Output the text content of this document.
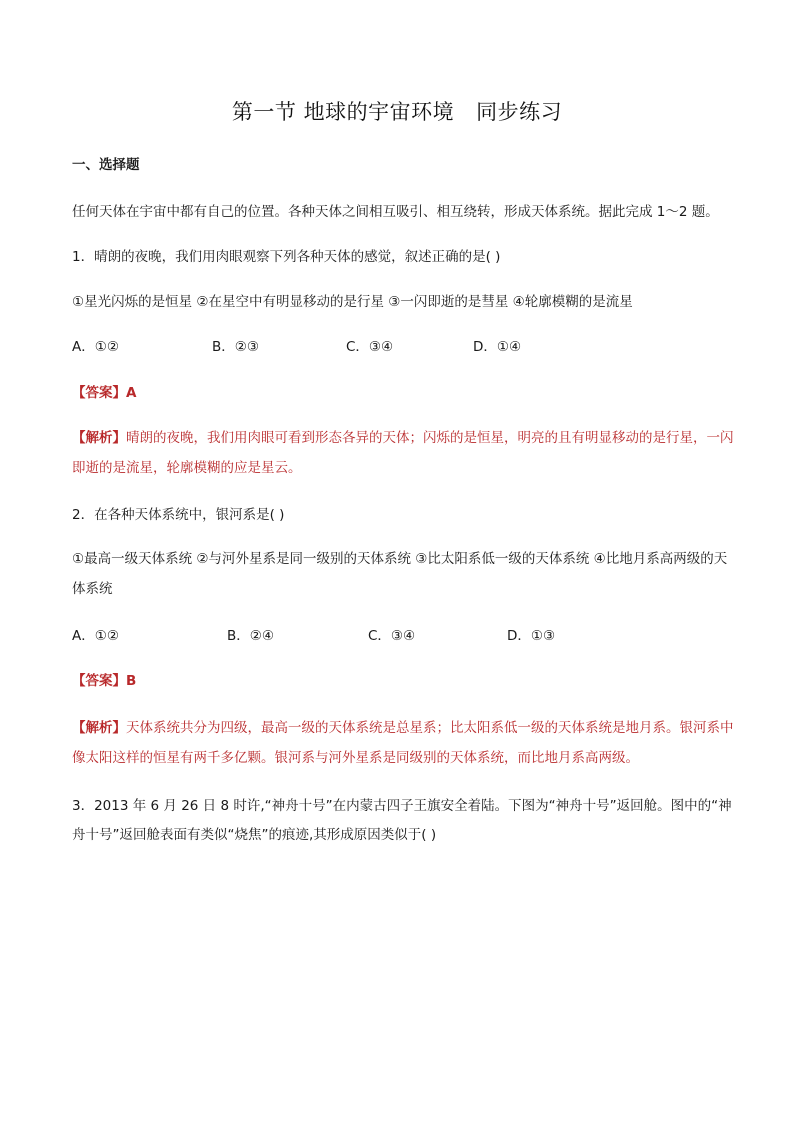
第一节 地球的宇宙环境 同步练习
一、选择题
任何天体在宇宙中都有自己的位置。各种天体之间相互吸引、相互绕转，形成天体系统。据此完成 1～2 题。
1．晴朗的夜晚，我们用肉眼观察下列各种天体的感觉，叙述正确的是( )
①星光闪烁的是恒星 ②在星空中有明显移动的是行星 ③一闪即逝的是彗星 ④轮廓模糊的是流星
A．①②	B．②③	C．③④	D．①④
【答案】A
【解析】晴朗的夜晚，我们用肉眼可看到形态各异的天体；闪烁的是恒星，明亮的且有明显移动的是行星，一闪即逝的是流星，轮廓模糊的应是星云。
2．在各种天体系统中，银河系是( )
①最高一级天体系统 ②与河外星系是同一级别的天体系统 ③比太阳系低一级的天体系统 ④比地月系高两级的天体系统
A．①②	B．②④	C．③④	D．①③
【答案】B
【解析】天体系统共分为四级，最高一级的天体系统是总星系；比太阳系低一级的天体系统是地月系。银河系中像太阳这样的恒星有两千多亿颗。银河系与河外星系是同级别的天体系统，而比地月系高两级。
3．2013 年 6 月 26 日 8 时许,“神舟十号”在内蒙古四子王旗安全着陆。下图为“神舟十号”返回舱。图中的“神舟十号”返回舱表面有类似“烧焦”的痕迹,其形成原因类似于( )
